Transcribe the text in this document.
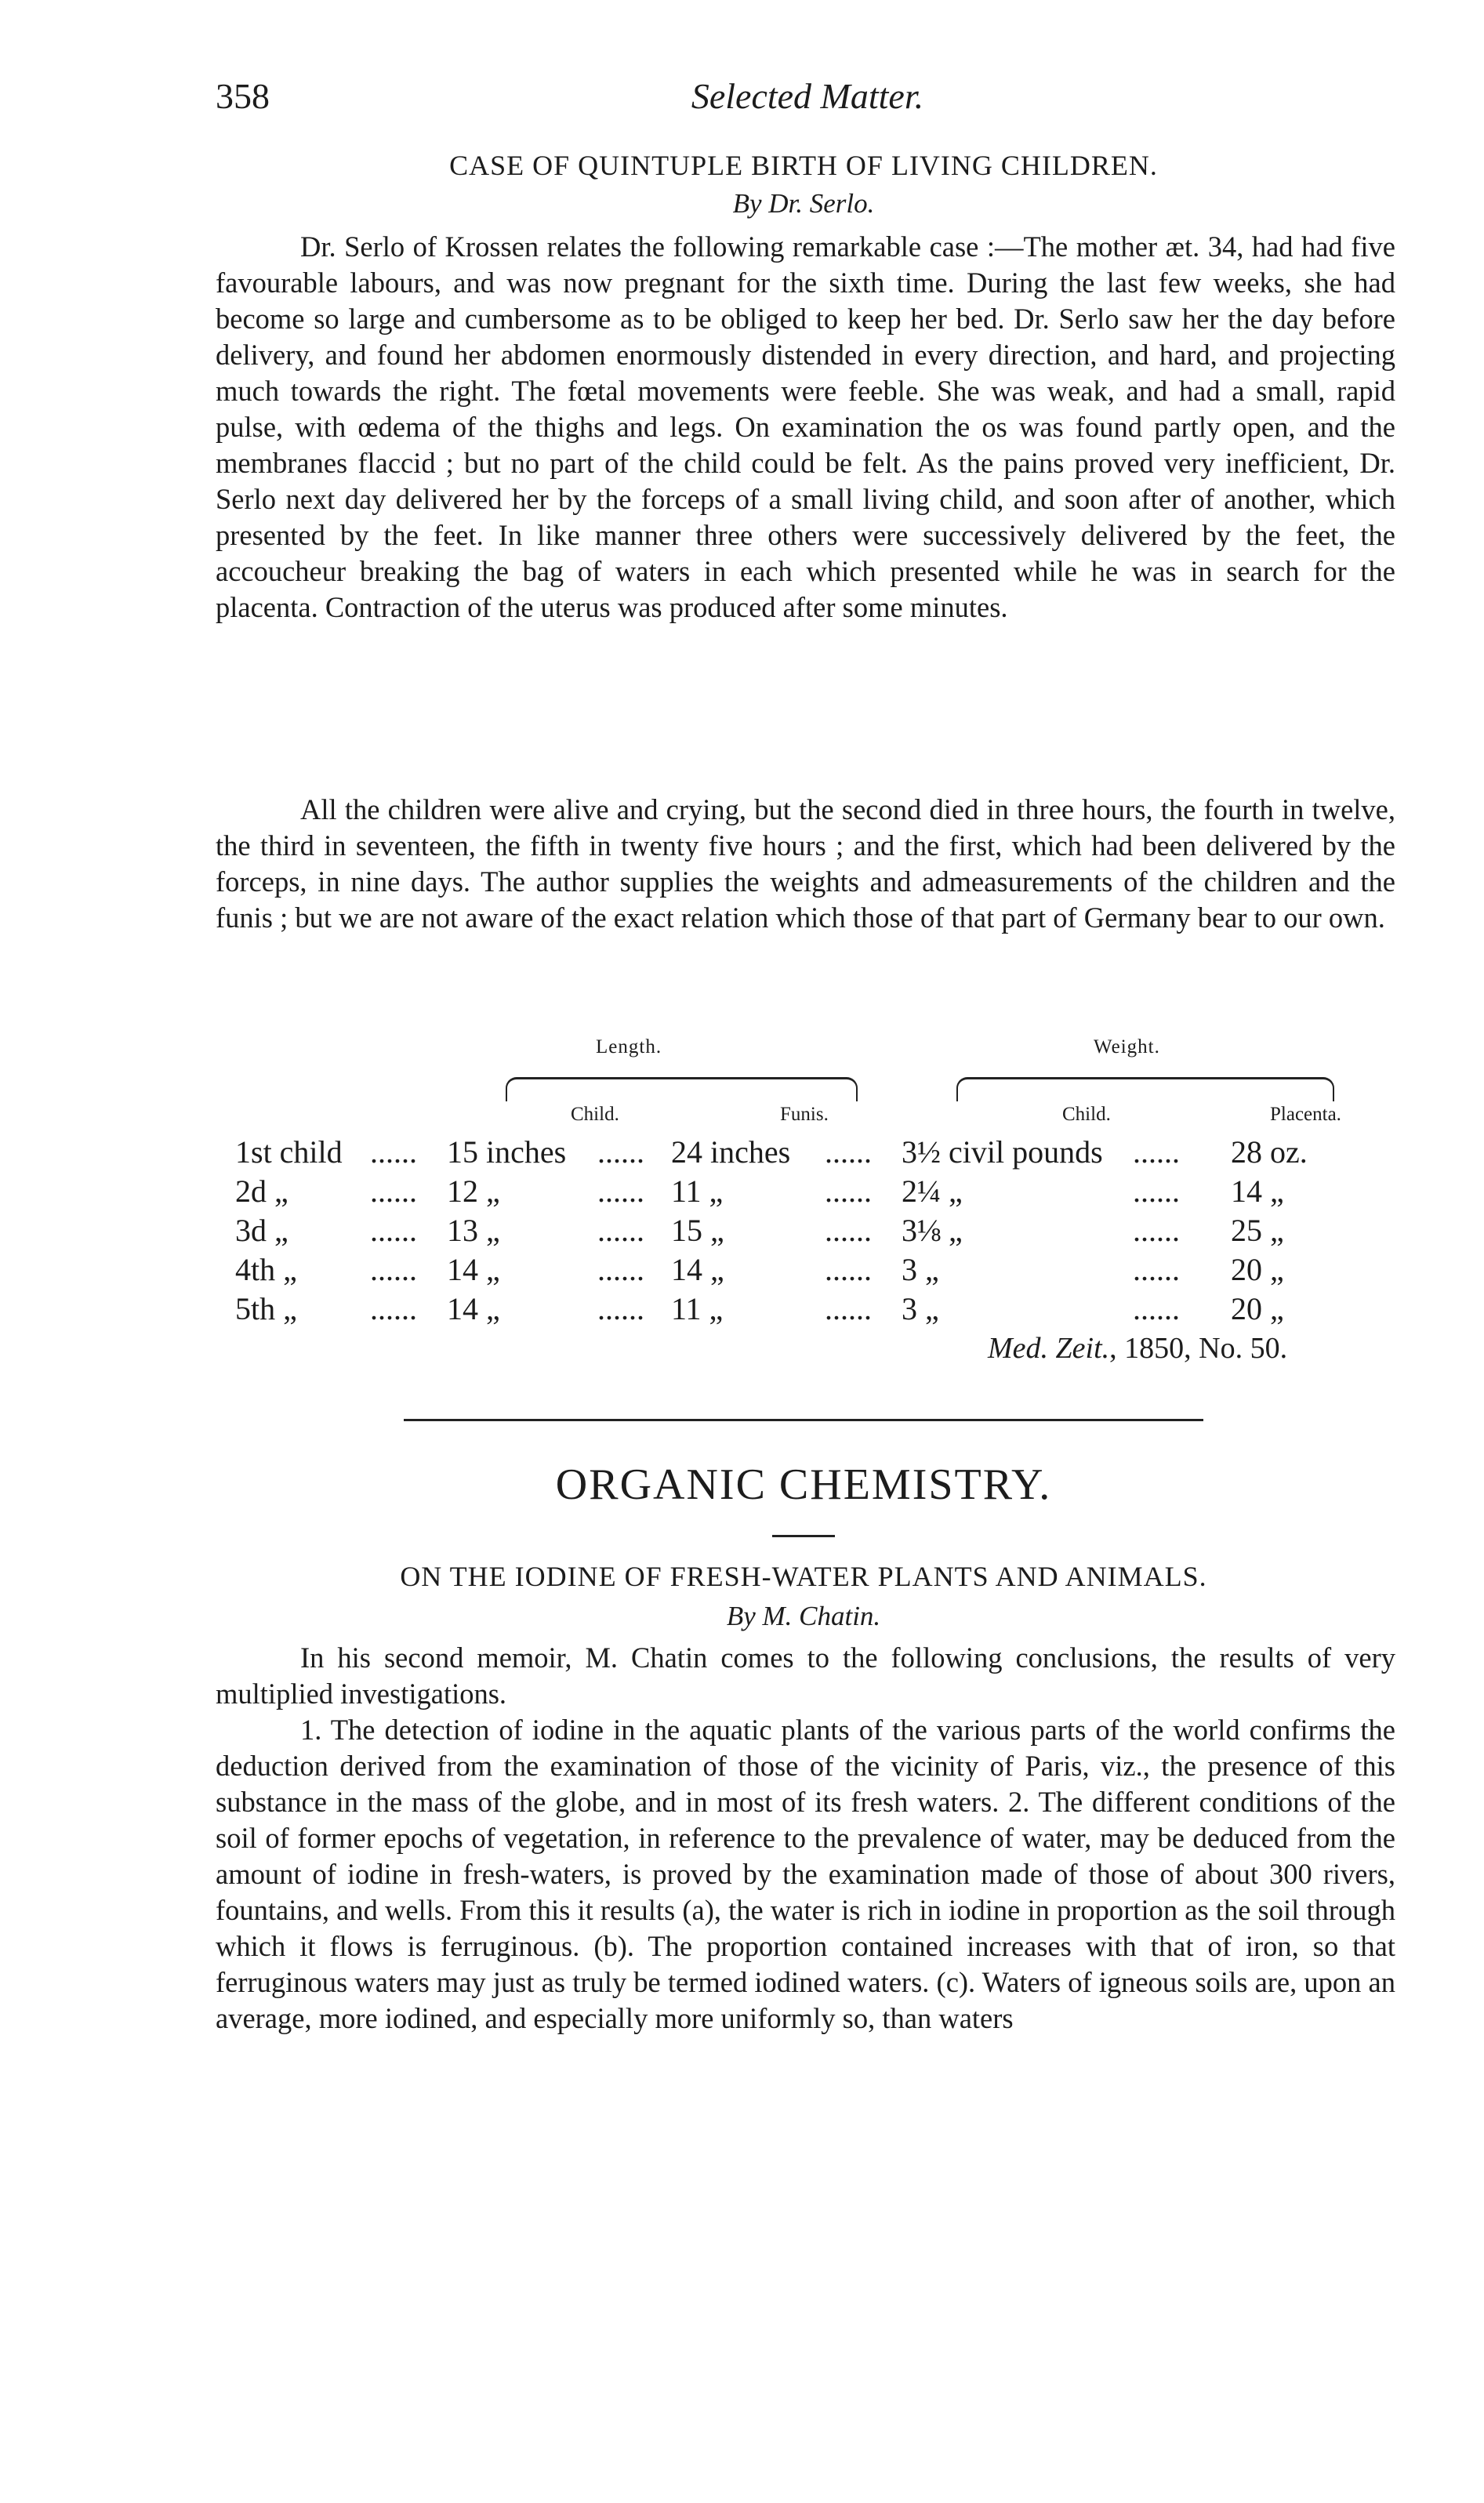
358	Selected Matter.
CASE OF QUINTUPLE BIRTH OF LIVING CHILDREN.
By Dr. Serlo.

Dr. Serlo of Krossen relates the following remarkable case :—The mother æt. 34, had had five favourable labours, and was now pregnant for the sixth time. During the last few weeks, she had become so large and cumbersome as to be obliged to keep her bed. Dr. Serlo saw her the day before delivery, and found her abdomen enormously distended in every direction, and hard, and projecting much towards the right. The fœtal movements were feeble. She was weak, and had a small, rapid pulse, with œdema of the thighs and legs. On examination the os was found partly open, and the membranes flaccid ; but no part of the child could be felt. As the pains proved very inefficient, Dr. Serlo next day delivered her by the forceps of a small living child, and soon after of another, which presented by the feet. In like manner three others were successively delivered by the feet, the accoucheur breaking the bag of waters in each which presented while he was in search for the placenta. Contraction of the uterus was produced after some minutes.

All the children were alive and crying, but the second died in three hours, the fourth in twelve, the third in seventeen, the fifth in twenty five hours ; and the first, which had been delivered by the forceps, in nine days. The author supplies the weights and admeasurements of the children and the funis ; but we are not aware of the exact relation which those of that part of Germany bear to our own.

Length.	Weight.
Child.	Funis.	Child.	Placenta.
1st child ...... 15 inches ...... 24 inches ...... 3½ civil pounds ...... 28 oz.
2d „	...... 12 „	...... 11 „	...... 2¼ „	...... 14 „
3d „	...... 13 „	...... 15 „	...... 3⅛ „	...... 25 „
4th „ ...... 14 „	...... 14 „	...... 3 „	...... 20 „
5th „ ...... 14 „	...... 11 „	...... 3 „	...... 20 „
Med. Zeit., 1850, No. 50.
ORGANIC CHEMISTRY.
ON THE IODINE OF FRESH-WATER PLANTS AND ANIMALS.
By M. Chatin.

In his second memoir, M. Chatin comes to the following conclusions, the results of very multiplied investigations.

1. The detection of iodine in the aquatic plants of the various parts of the world confirms the deduction derived from the examination of those of the vicinity of Paris, viz., the presence of this substance in the mass of the globe, and in most of its fresh waters. 2. The different conditions of the soil of former epochs of vegetation, in reference to the prevalence of water, may be deduced from the amount of iodine in fresh-waters, is proved by the examination made of those of about 300 rivers, fountains, and wells. From this it results (a), the water is rich in iodine in proportion as the soil through which it flows is ferruginous. (b). The proportion contained increases with that of iron, so that ferruginous waters may just as truly be termed iodined waters. (c). Waters of igneous soils are, upon an average, more iodined, and especially more uniformly so, than waters
